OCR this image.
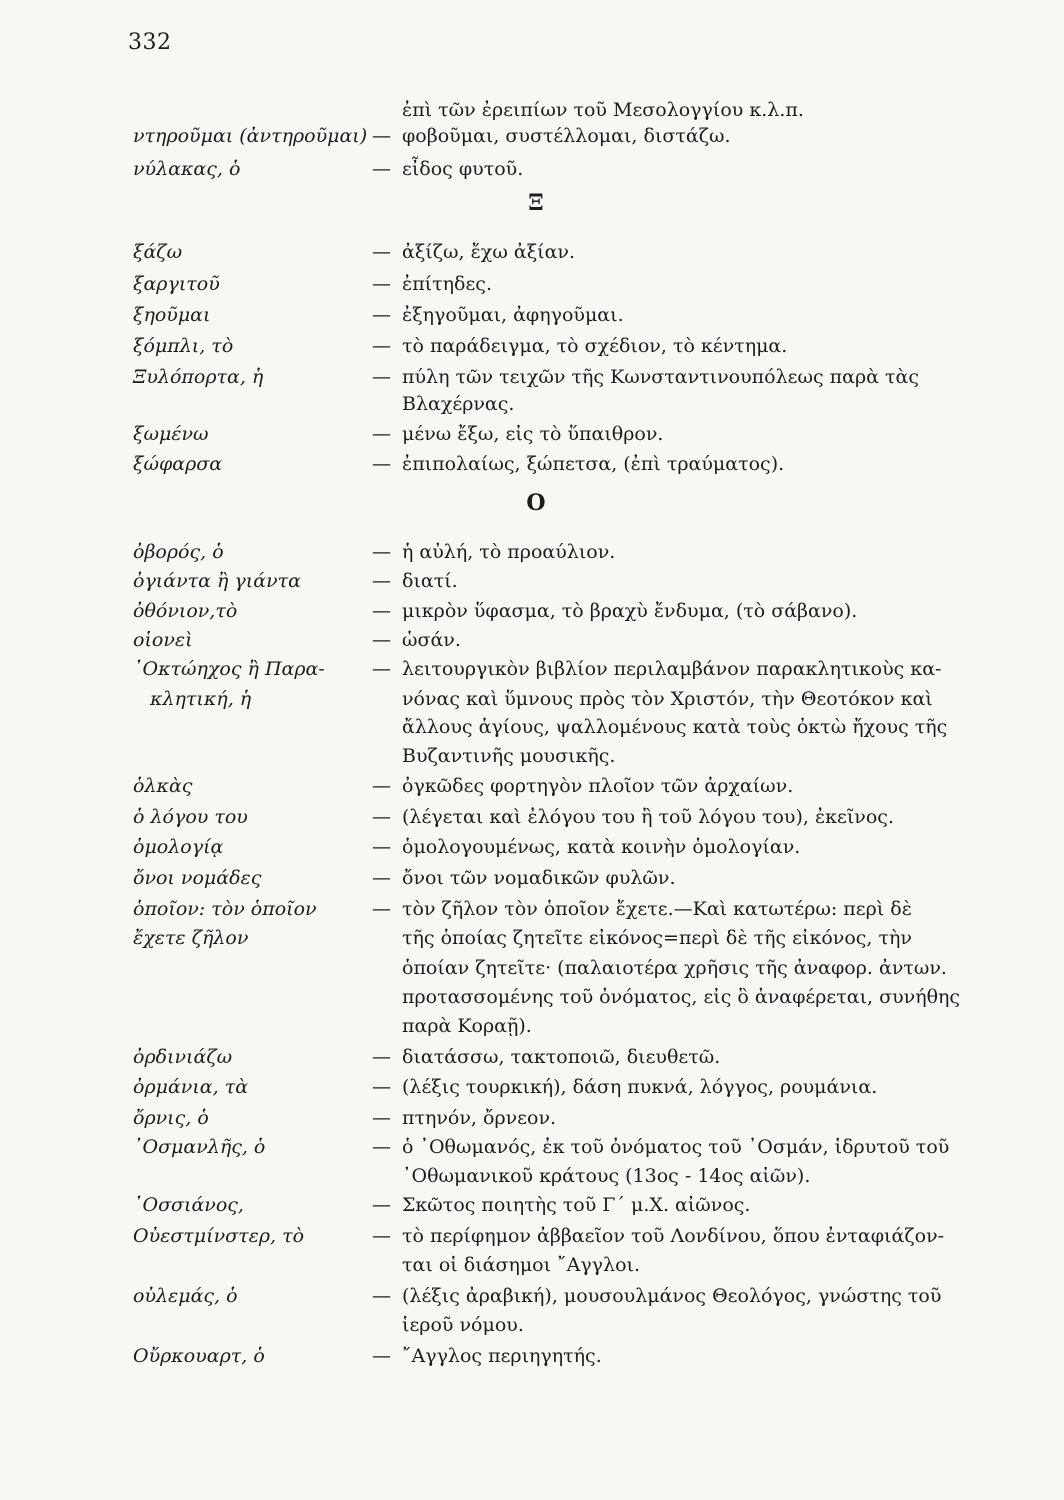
332
ἐπὶ τῶν ἐρειπίων τοῦ Μεσολογγίου κ.λ.π.
ντηροῦμαι (ἀντηροῦμαι) — φοβοῦμαι, συστέλλομαι, διστάζω.
νύλακας, ὁ	— εἶδος φυτοῦ.
Ξ
ξάζω	— ἀξίζω, ἔχω ἀξίαν.
ξαργιτοῦ	— ἐπίτηδες.
ξηοῦμαι	— ἐξηγοῦμαι, ἀφηγοῦμαι.
ξόμπλι, τὸ	— τὸ παράδειγμα, τὸ σχέδιον, τὸ κέντημα.
Ξυλόπορτα, ἡ	— πύλη τῶν τειχῶν τῆς Κωνσταντινουπόλεως παρὰ τὰς
Βλαχέρνας.
ξωμένω	— μένω ἔξω, εἰς τὸ ὕπαιθρον.
ξώφαρσα	— ἐπιπολαίως, ξώπετσα, (ἐπὶ τραύματος).
Ο
ὀβορός, ὁ	— ἡ αὐλή, τὸ προαύλιον.
ὀγιάντα ἢ γιάντα	— διατί.
ὀθόνιον,τὸ	— μικρὸν ὕφασμα, τὸ βραχὺ ἔνδυμα, (τὸ σάβανο).
οἱονεὶ	— ὡσάν.
᾿Οκτώηχος ἢ Παρα-	— λειτουργικὸν βιβλίον περιλαμβάνον παρακλητικοὺς κα-
κλητική, ἡ	νόνας καὶ ὕμνους πρὸς τὸν Χριστόν, τὴν Θεοτόκον καὶ
ἄλλους ἁγίους, ψαλλομένους κατὰ τοὺς ὀκτὼ ἤχους τῆς
Βυζαντινῆς μουσικῆς.
ὁλκὰς	— ὀγκῶδες φορτηγὸν πλοῖον τῶν ἀρχαίων.
ὁ λόγου του	— (λέγεται καὶ ἐλόγου του ἢ τοῦ λόγου του), ἐκεῖνος.
ὁμολογίᾳ	— ὁμολογουμένως, κατὰ κοινὴν ὁμολογίαν.
ὄνοι νομάδες	— ὄνοι τῶν νομαδικῶν φυλῶν.
ὁποῖον: τὸν ὁποῖον	— τὸν ζῆλον τὸν ὁποῖον ἔχετε.—Καὶ κατωτέρω: περὶ δὲ
ἔχετε ζῆλον	τῆς ὁποίας ζητεῖτε εἰκόνος=περὶ δὲ τῆς εἰκόνος, τὴν
ὁποίαν ζητεῖτε· (παλαιοτέρα χρῆσις τῆς ἀναφορ. ἀντων.
προτασσομένης τοῦ ὀνόματος, εἰς ὃ ἀναφέρεται, συνήθης
παρὰ Κοραῇ).
ὀρδινιάζω	— διατάσσω, τακτοποιῶ, διευθετῶ.
ὀρμάνια, τὰ	— (λέξις τουρκική), δάση πυκνά, λόγγος, ρουμάνια.
ὄρνις, ὁ	— πτηνόν, ὄρνεον.
᾿Οσμανλῆς, ὁ	— ὁ ᾿Οθωμανός, ἐκ τοῦ ὀνόματος τοῦ ᾿Οσμάν, ἱδρυτοῦ τοῦ
᾿Οθωμανικοῦ κράτους (13ος - 14ος αἰῶν).
᾿Οσσιάνος,	— Σκῶτος ποιητὴς τοῦ Γ΄ μ.Χ. αἰῶνος.
Οὐεστμίνστερ, τὸ	— τὸ περίφημον ἀββαεῖον τοῦ Λονδίνου, ὅπου ἐνταφιάζον-
ται οἱ διάσημοι ῎Αγγλοι.
οὐλεμάς, ὁ	— (λέξις ἀραβική), μουσουλμάνος Θεολόγος, γνώστης τοῦ
ἱεροῦ νόμου.
Οὔρκουαρτ, ὁ	— ῎Αγγλος περιηγητής.
